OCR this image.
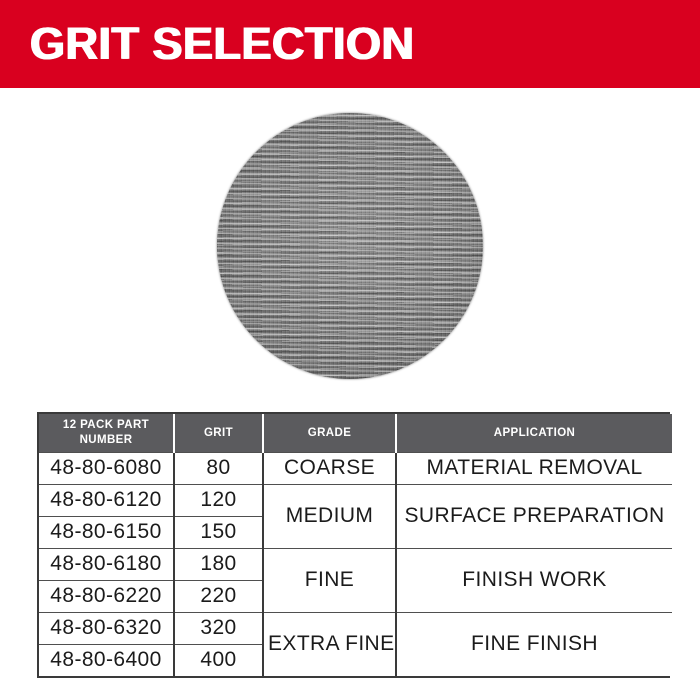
GRIT SELECTION
12 PACK PART NUMBER	GRIT	GRADE	APPLICATION
48-80-6080	80	COARSE	MATERIAL REMOVAL
48-80-6120	120	MEDIUM	SURFACE PREPARATION
48-80-6150	150		
48-80-6180	180	FINE	FINISH WORK
48-80-6220	220		
48-80-6320	320	EXTRA FINE	FINE FINISH
48-80-6400	400		
